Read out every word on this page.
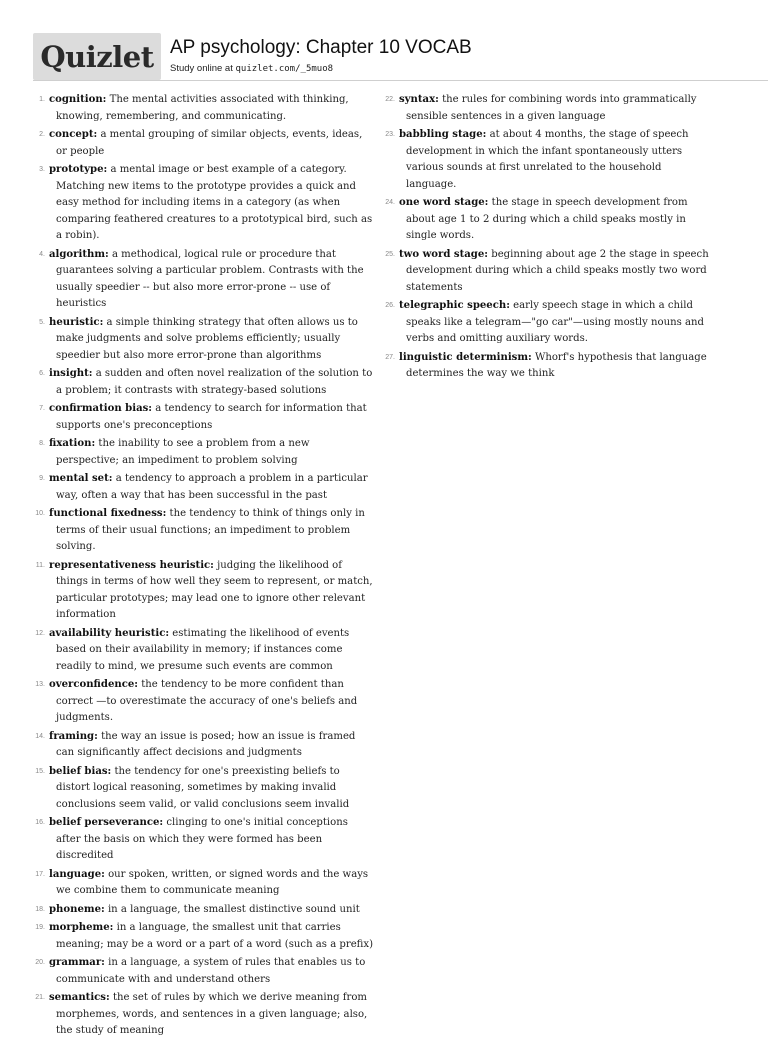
Quizlet AP psychology: Chapter 10 VOCAB
Study online at quizlet.com/_5muo8
1. cognition: The mental activities associated with thinking, knowing, remembering, and communicating.
2. concept: a mental grouping of similar objects, events, ideas, or people
3. prototype: a mental image or best example of a category. Matching new items to the prototype provides a quick and easy method for including items in a category (as when comparing feathered creatures to a prototypical bird, such as a robin).
4. algorithm: a methodical, logical rule or procedure that guarantees solving a particular problem. Contrasts with the usually speedier -- but also more error-prone -- use of heuristics
5. heuristic: a simple thinking strategy that often allows us to make judgments and solve problems efficiently; usually speedier but also more error-prone than algorithms
6. insight: a sudden and often novel realization of the solution to a problem; it contrasts with strategy-based solutions
7. confirmation bias: a tendency to search for information that supports one's preconceptions
8. fixation: the inability to see a problem from a new perspective; an impediment to problem solving
9. mental set: a tendency to approach a problem in a particular way, often a way that has been successful in the past
10. functional fixedness: the tendency to think of things only in terms of their usual functions; an impediment to problem solving.
11. representativeness heuristic: judging the likelihood of things in terms of how well they seem to represent, or match, particular prototypes; may lead one to ignore other relevant information
12. availability heuristic: estimating the likelihood of events based on their availability in memory; if instances come readily to mind, we presume such events are common
13. overconfidence: the tendency to be more confident than correct —to overestimate the accuracy of one's beliefs and judgments.
14. framing: the way an issue is posed; how an issue is framed can significantly affect decisions and judgments
15. belief bias: the tendency for one's preexisting beliefs to distort logical reasoning, sometimes by making invalid conclusions seem valid, or valid conclusions seem invalid
16. belief perseverance: clinging to one's initial conceptions after the basis on which they were formed has been discredited
17. language: our spoken, written, or signed words and the ways we combine them to communicate meaning
18. phoneme: in a language, the smallest distinctive sound unit
19. morpheme: in a language, the smallest unit that carries meaning; may be a word or a part of a word (such as a prefix)
20. grammar: in a language, a system of rules that enables us to communicate with and understand others
21. semantics: the set of rules by which we derive meaning from morphemes, words, and sentences in a given language; also, the study of meaning
22. syntax: the rules for combining words into grammatically sensible sentences in a given language
23. babbling stage: at about 4 months, the stage of speech development in which the infant spontaneously utters various sounds at first unrelated to the household language.
24. one word stage: the stage in speech development from about age 1 to 2 during which a child speaks mostly in single words.
25. two word stage: beginning about age 2 the stage in speech development during which a child speaks mostly two word statements
26. telegraphic speech: early speech stage in which a child speaks like a telegram—"go car"—using mostly nouns and verbs and omitting auxiliary words.
27. linguistic determinism: Whorf's hypothesis that language determines the way we think
